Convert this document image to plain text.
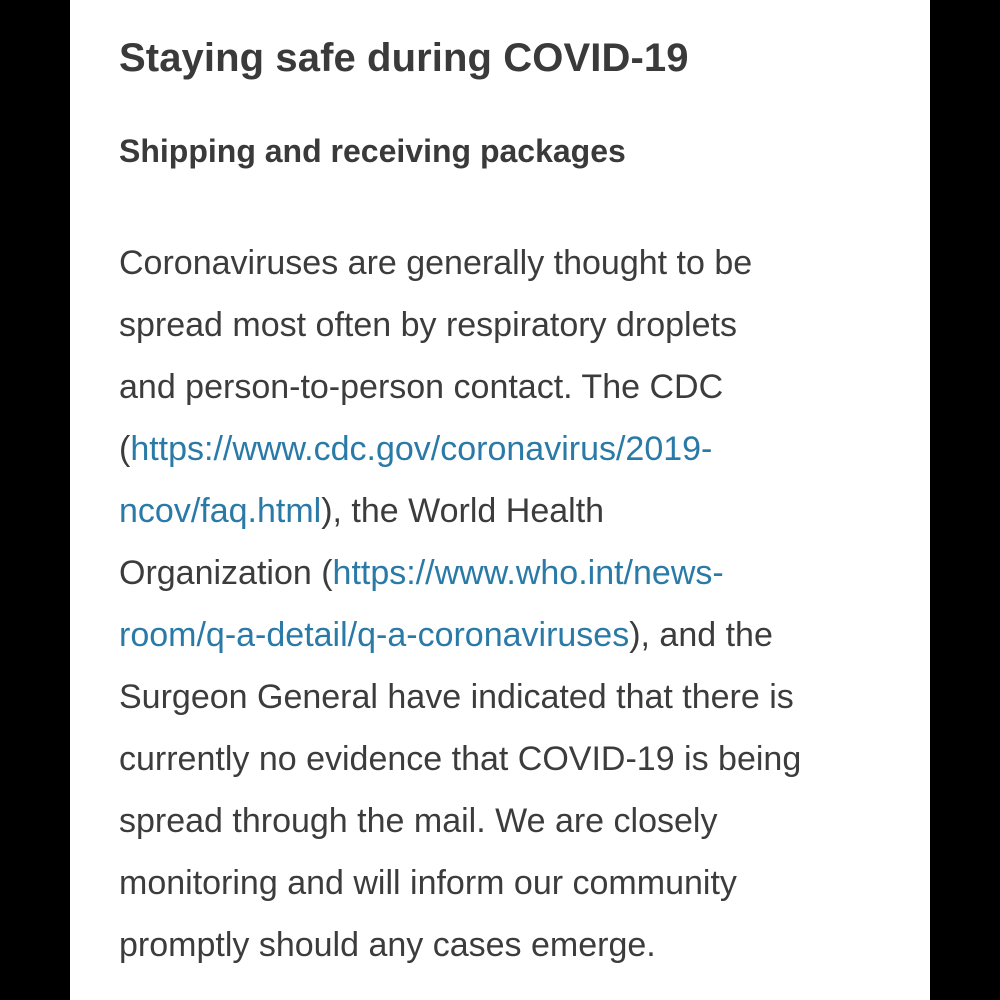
Staying safe during COVID-19
Shipping and receiving packages

Coronaviruses are generally thought to be
spread most often by respiratory droplets
and person-to-person contact. The CDC
(https://www.cdc.gov/coronavirus/2019-
ncov/faq.html), the World Health
Organization (https://www.who.int/news-
room/q-a-detail/q-a-coronaviruses), and the
Surgeon General have indicated that there is
currently no evidence that COVID-19 is being
spread through the mail. We are closely
monitoring and will inform our community
promptly should any cases emerge.
